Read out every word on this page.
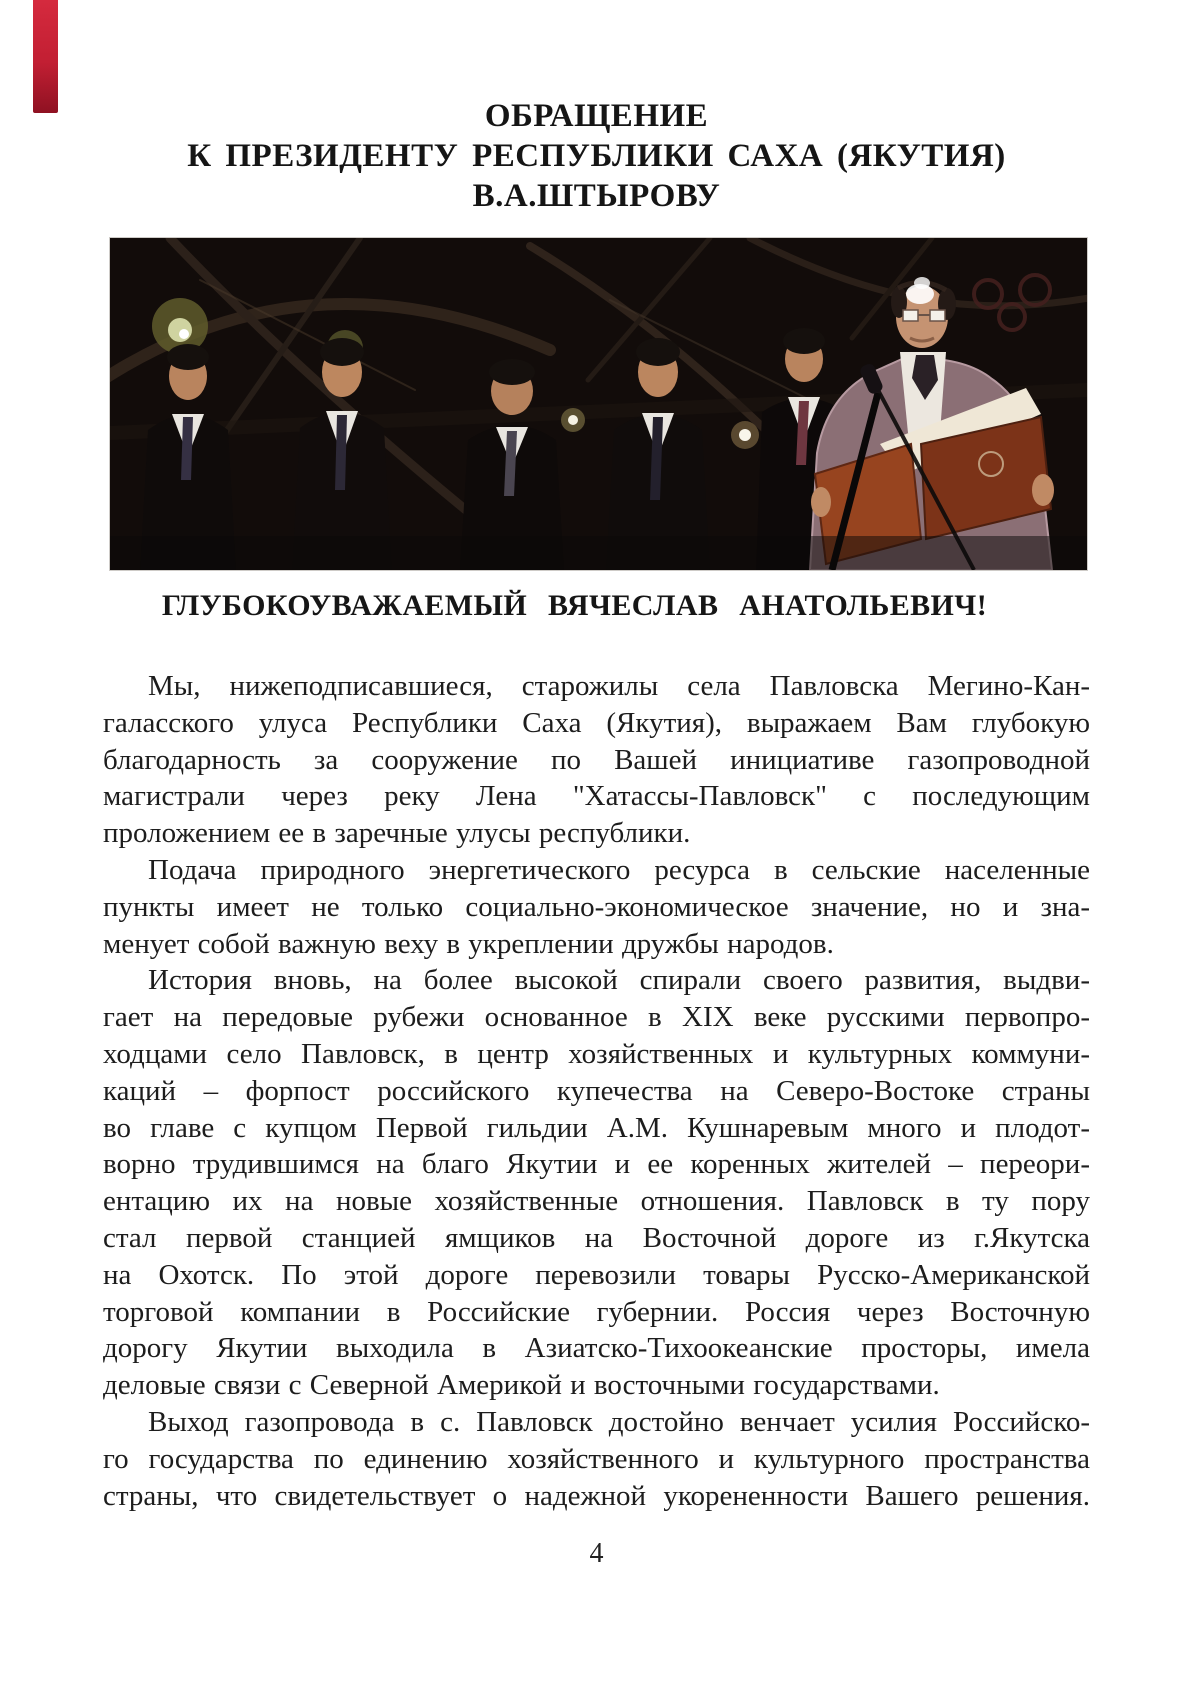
ОБРАЩЕНИЕ
К ПРЕЗИДЕНТУ РЕСПУБЛИКИ САХА (ЯКУТИЯ)
В.А.ШТЫРОВУ
ГЛУБОКОУВАЖАЕМЫЙ ВЯЧЕСЛАВ АНАТОЛЬЕВИЧ!
Мы, нижеподписавшиеся, старожилы села Павловска Мегино-Кан-
галасского улуса Республики Саха (Якутия), выражаем Вам глубокую
благодарность за сооружение по Вашей инициативе газопроводной
магистрали через реку Лена "Хатассы-Павловск" с последующим
проложением ее в заречные улусы республики.
Подача природного энергетического ресурса в сельские населенные
пункты имеет не только социально-экономическое значение, но и зна-
менует собой важную веху в укреплении дружбы народов.
История вновь, на более высокой спирали своего развития, выдви-
гает на передовые рубежи основанное в XIX веке русскими первопро-
ходцами село Павловск, в центр хозяйственных и культурных коммуни-
каций – форпост российского купечества на Северо-Востоке страны
во главе с купцом Первой гильдии А.М. Кушнаревым много и плодот-
ворно трудившимся на благо Якутии и ее коренных жителей – переори-
ентацию их на новые хозяйственные отношения. Павловск в ту пору
стал первой станцией ямщиков на Восточной дороге из г.Якутска
на Охотск. По этой дороге перевозили товары Русско-Американской
торговой компании в Российские губернии. Россия через Восточную
дорогу Якутии выходила в Азиатско-Тихоокеанские просторы, имела
деловые связи с Северной Америкой и восточными государствами.
Выход газопровода в с. Павловск достойно венчает усилия Российско-
го государства по единению хозяйственного и культурного пространства
страны, что свидетельствует о надежной укорененности Вашего решения.
4
